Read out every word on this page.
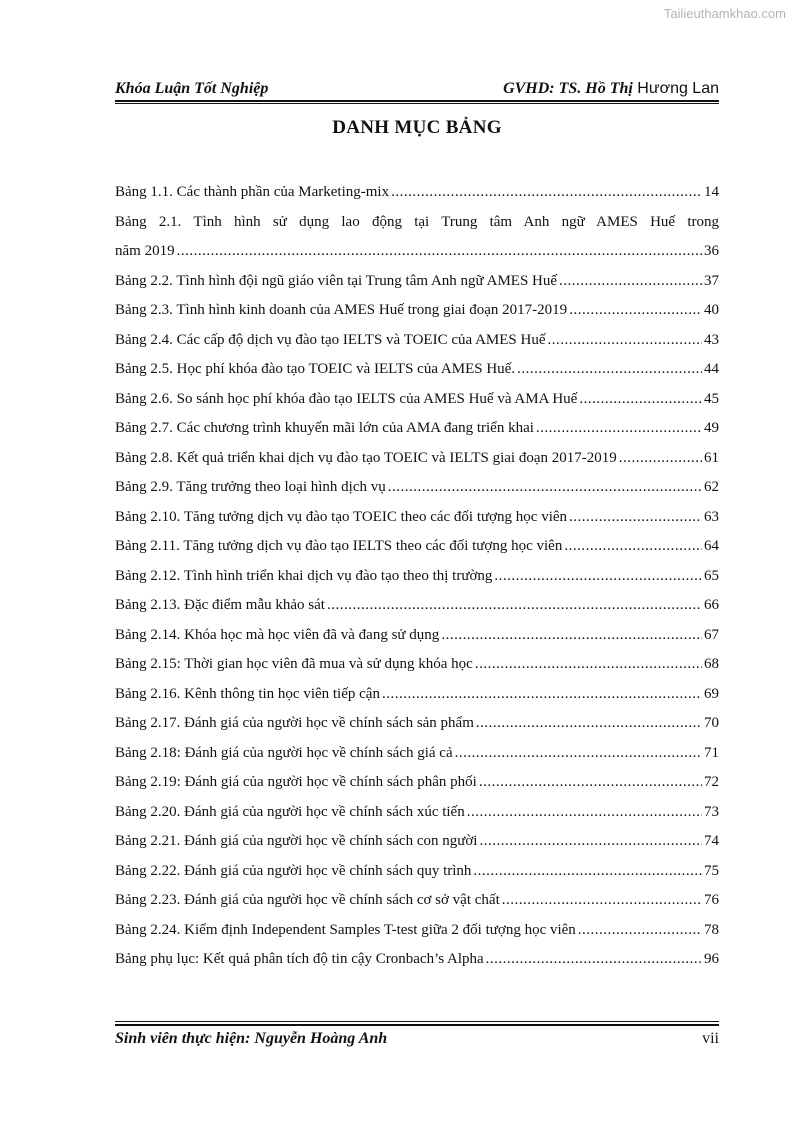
Tailieuthamkhao.com
Khóa Luận Tốt Nghiệp	GVHD: TS. Hồ Thị Hương Lan
DANH MỤC BẢNG
Bảng 1.1. Các thành phần của Marketing-mix .....	14
Bảng 2.1. Tình hình sử dụng lao động tại Trung tâm Anh ngữ AMES Huế trong
năm 2019 .....	36
Bảng 2.2. Tình hình đội ngũ giáo viên tại Trung tâm Anh ngữ AMES Huế .....	37
Bảng 2.3. Tình hình kinh doanh của AMES Huế trong giai đoạn 2017-2019 .....	40
Bảng 2.4. Các cấp độ dịch vụ đào tạo IELTS và TOEIC của AMES Huế .....	43
Bảng 2.5. Học phí khóa đào tạo TOEIC và IELTS của AMES Huế. .....	44
Bảng 2.6. So sánh học phí khóa đào tạo IELTS của AMES Huế và AMA Huế .....	45
Bảng 2.7. Các chương trình khuyến mãi lớn của AMA đang triển khai .....	49
Bảng 2.8. Kết quả triển khai dịch vụ đào tạo TOEIC và IELTS giai đoạn 2017-2019 .....	61
Bảng 2.9. Tăng trưởng theo loại hình dịch vụ .....	62
Bảng 2.10. Tăng tưởng dịch vụ đào tạo TOEIC theo các đối tượng học viên .....	63
Bảng 2.11. Tăng tưởng dịch vụ đào tạo IELTS theo các đối tượng học viên .....	64
Bảng 2.12. Tình hình triển khai dịch vụ đào tạo theo thị trường .....	65
Bảng 2.13. Đặc điểm mẫu khảo sát .....	66
Bảng 2.14. Khóa học mà học viên đã và đang sử dụng .....	67
Bảng 2.15: Thời gian học viên đã mua và sử dụng khóa học .....	68
Bảng 2.16. Kênh thông tin học viên tiếp cận .....	69
Bảng 2.17. Đánh giá của người học về chính sách sản phẩm .....	70
Bảng 2.18: Đánh giá của người học về chính sách giá cả .....	71
Bảng 2.19: Đánh giá của người học về chính sách phân phối .....	72
Bảng 2.20. Đánh giá của người học về chính sách xúc tiến .....	73
Bảng 2.21. Đánh giá của người học về chính sách con người .....	74
Bảng 2.22. Đánh giá của người học về chính sách quy trình .....	75
Bảng 2.23. Đánh giá của người học về chính sách cơ sở vật chất .....	76
Bảng 2.24. Kiểm định Independent Samples T-test giữa 2 đối tượng học viên .....	78
Bảng phụ lục: Kết quả phân tích độ tin cậy Cronbach’s Alpha .....	96
Sinh viên thực hiện: Nguyễn Hoàng Anh	vii
